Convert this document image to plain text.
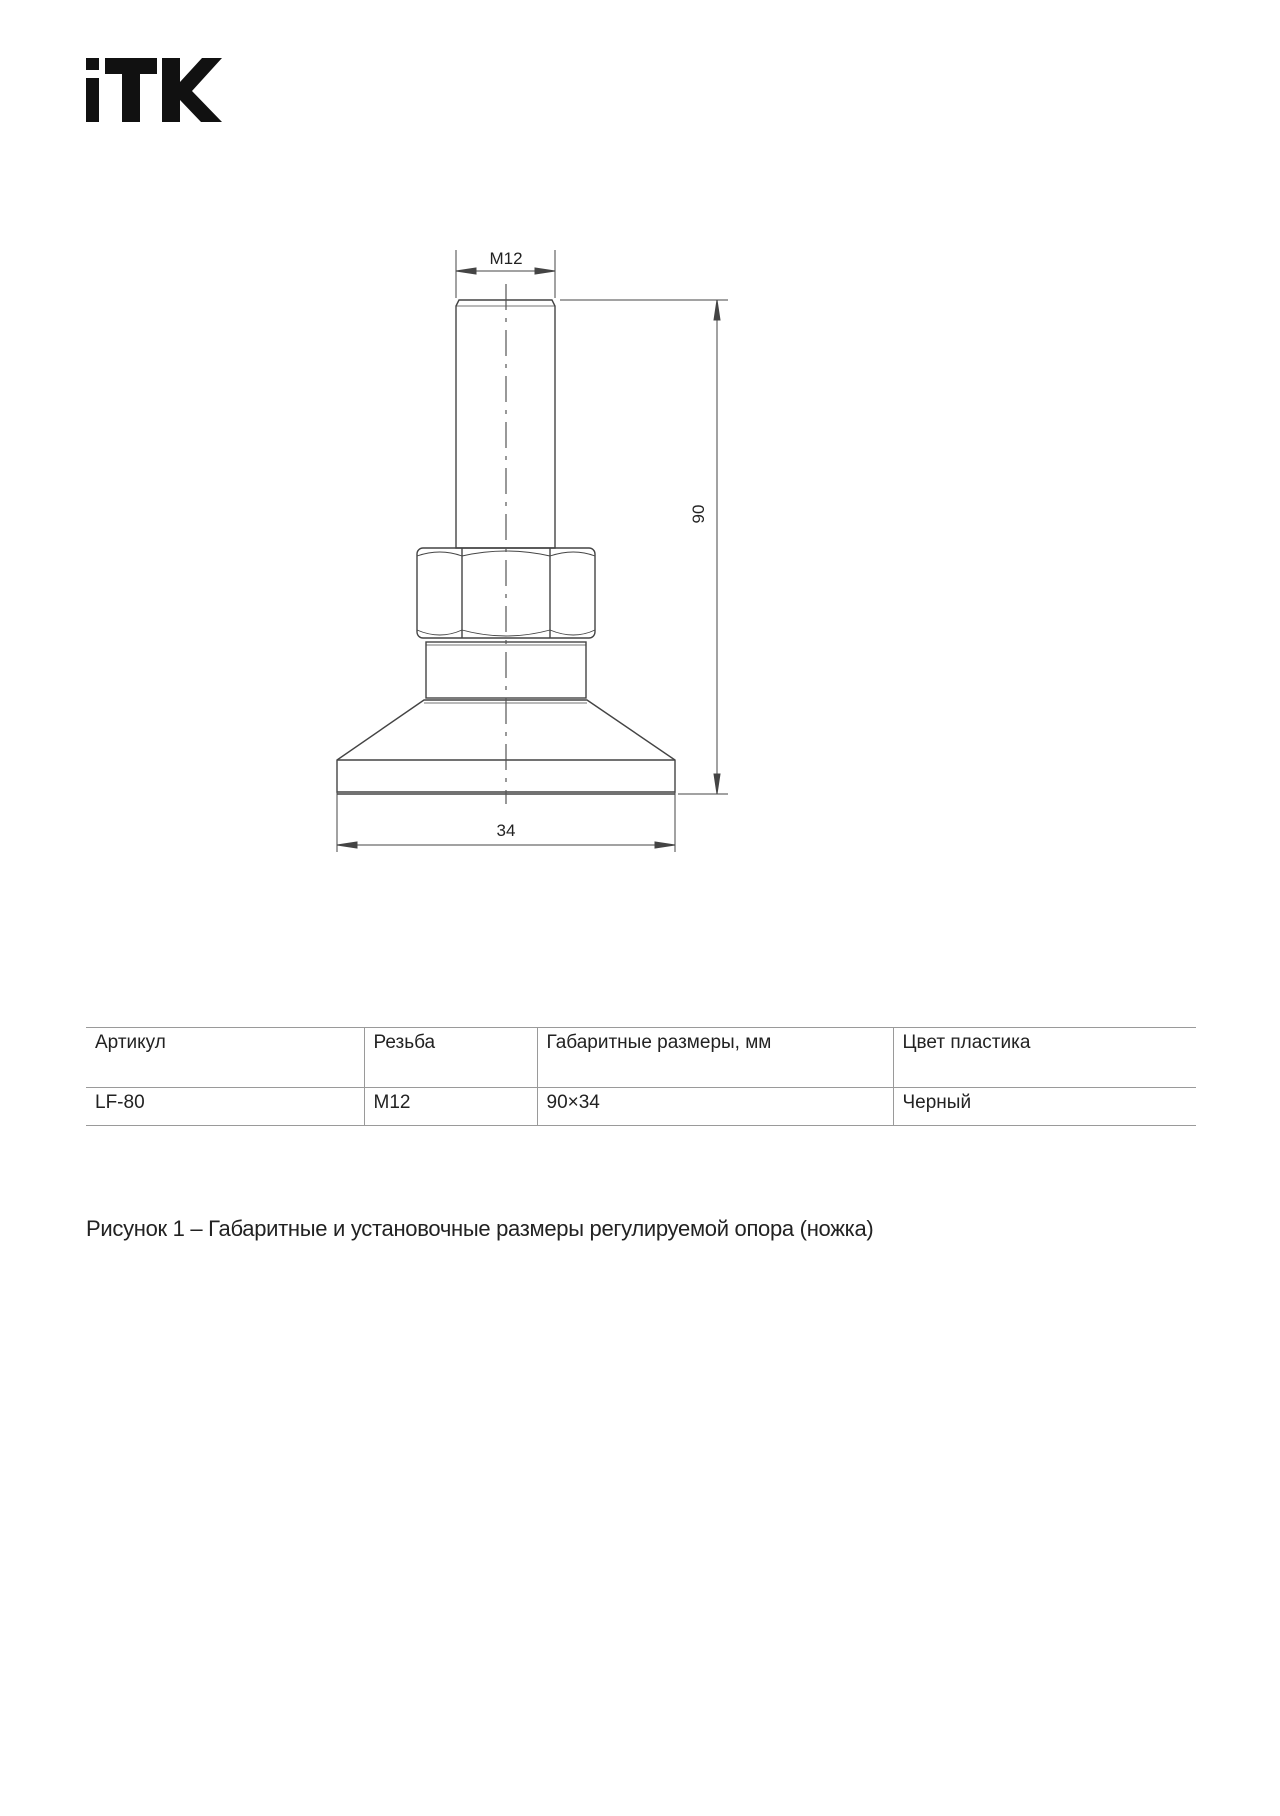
M12
90
34
Артикул	Резьба	Габаритные размеры, мм	Цвет пластика
LF-80	M12	90×34	Черный
Рисунок 1 – Габаритные и установочные размеры регулируемой опора (ножка)
